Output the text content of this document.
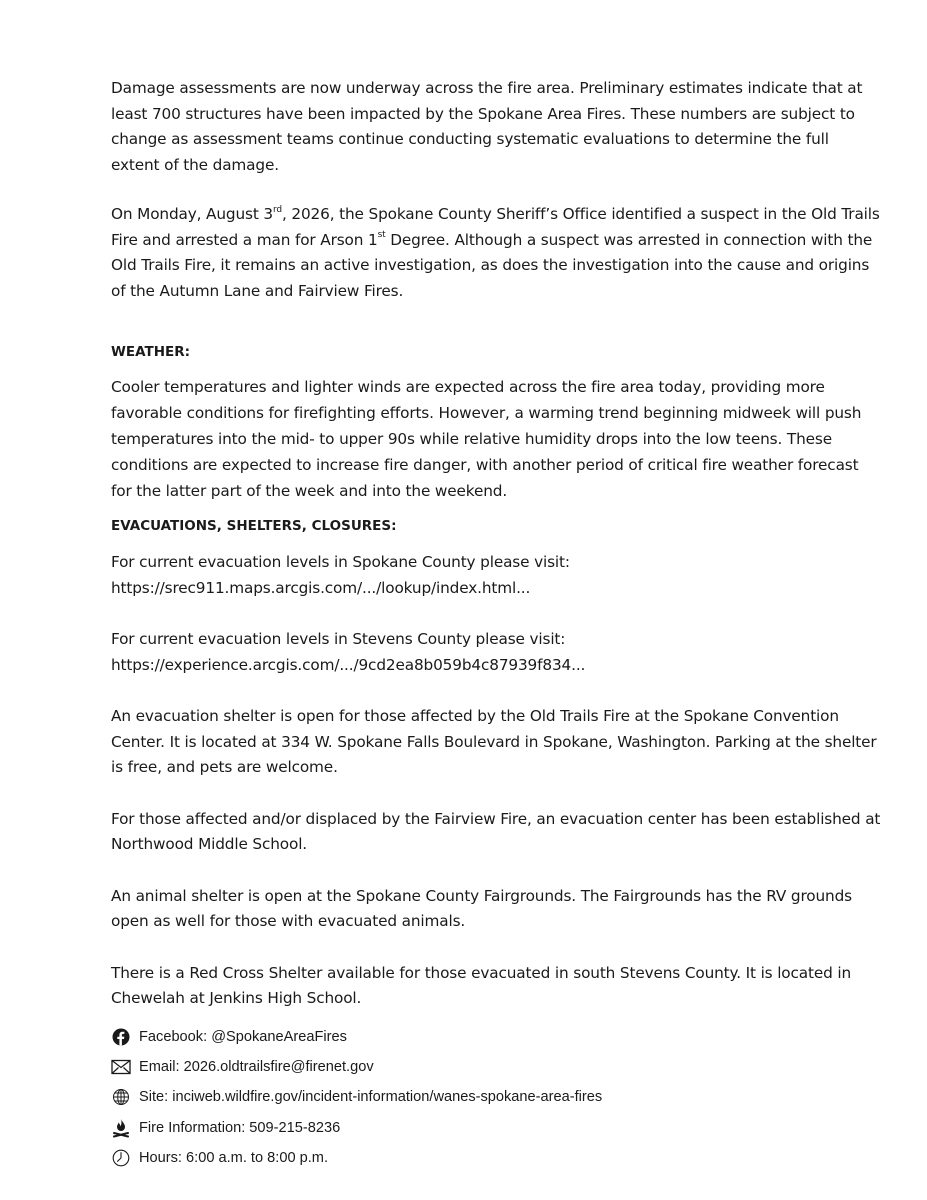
Damage assessments are now underway across the fire area. Preliminary estimates indicate that at least 700 structures have been impacted by the Spokane Area Fires. These numbers are subject to change as assessment teams continue conducting systematic evaluations to determine the full extent of the damage.

On Monday, August 3rd, 2026, the Spokane County Sheriff’s Office identified a suspect in the Old Trails Fire and arrested a man for Arson 1st Degree. Although a suspect was arrested in connection with the Old Trails Fire, it remains an active investigation, as does the investigation into the cause and origins of the Autumn Lane and Fairview Fires.

WEATHER:

Cooler temperatures and lighter winds are expected across the fire area today, providing more favorable conditions for firefighting efforts. However, a warming trend beginning midweek will push temperatures into the mid- to upper 90s while relative humidity drops into the low teens. These conditions are expected to increase fire danger, with another period of critical fire weather forecast for the latter part of the week and into the weekend.

EVACUATIONS, SHELTERS, CLOSURES:

For current evacuation levels in Spokane County please visit:

https://srec911.maps.arcgis.com/.../lookup/index.html...

For current evacuation levels in Stevens County please visit:

https://experience.arcgis.com/.../9cd2ea8b059b4c87939f834...

An evacuation shelter is open for those affected by the Old Trails Fire at the Spokane Convention Center. It is located at 334 W. Spokane Falls Boulevard in Spokane, Washington. Parking at the shelter is free, and pets are welcome.

For those affected and/or displaced by the Fairview Fire, an evacuation center has been established at Northwood Middle School.

An animal shelter is open at the Spokane County Fairgrounds. The Fairgrounds has the RV grounds open as well for those with evacuated animals.

There is a Red Cross Shelter available for those evacuated in south Stevens County. It is located in Chewelah at Jenkins High School.

Facebook: @SpokaneAreaFires
Email: 2026.oldtrailsfire@firenet.gov
Site: inciweb.wildfire.gov/incident-information/wanes-spokane-area-fires
Fire Information: 509-215-8236
Hours: 6:00 a.m. to 8:00 p.m.
